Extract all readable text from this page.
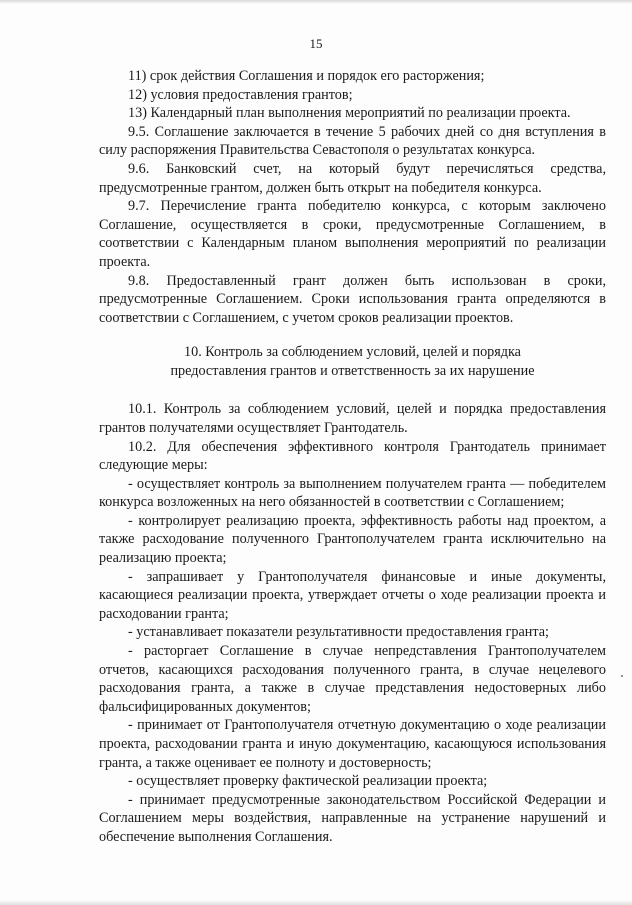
15

11) срок действия Соглашения и порядок его расторжения;

12) условия предоставления грантов;

13) Календарный план выполнения мероприятий по реализации проекта.

9.5. Соглашение заключается в течение 5 рабочих дней со дня вступления в силу распоряжения Правительства Севастополя о результатах конкурса.

9.6. Банковский счет, на который будут перечисляться средства, предусмотренные грантом, должен быть открыт на победителя конкурса.

9.7. Перечисление гранта победителю конкурса, с которым заключено Соглашение, осуществляется в сроки, предусмотренные Соглашением, в соответствии с Календарным планом выполнения мероприятий по реализации проекта.

9.8. Предоставленный грант должен быть использован в сроки, предусмотренные Соглашением. Сроки использования гранта определяются в соответствии с Соглашением, с учетом сроков реализации проектов.

10. Контроль за соблюдением условий, целей и порядка
предоставления грантов и ответственность за их нарушение

10.1. Контроль за соблюдением условий, целей и порядка предоставления грантов получателями осуществляет Грантодатель.

10.2. Для обеспечения эффективного контроля Грантодатель принимает следующие меры:

- осуществляет контроль за выполнением получателем гранта — победителем конкурса возложенных на него обязанностей в соответствии с Соглашением;

- контролирует реализацию проекта, эффективность работы над проектом, а также расходование полученного Грантополучателем гранта исключительно на реализацию проекта;

- запрашивает у Грантополучателя финансовые и иные документы, касающиеся реализации проекта, утверждает отчеты о ходе реализации проекта и расходовании гранта;

- устанавливает показатели результативности предоставления гранта;

- расторгает Соглашение в случае непредставления Грантополучателем отчетов, касающихся расходования полученного гранта, в случае нецелевого расходования гранта, а также в случае представления недостоверных либо фальсифицированных документов;

- принимает от Грантополучателя отчетную документацию о ходе реализации проекта, расходовании гранта и иную документацию, касающуюся использования гранта, а также оценивает ее полноту и достоверность;

- осуществляет проверку фактической реализации проекта;

- принимает предусмотренные законодательством Российской Федерации и Соглашением меры воздействия, направленные на устранение нарушений и обеспечение выполнения Соглашения.
